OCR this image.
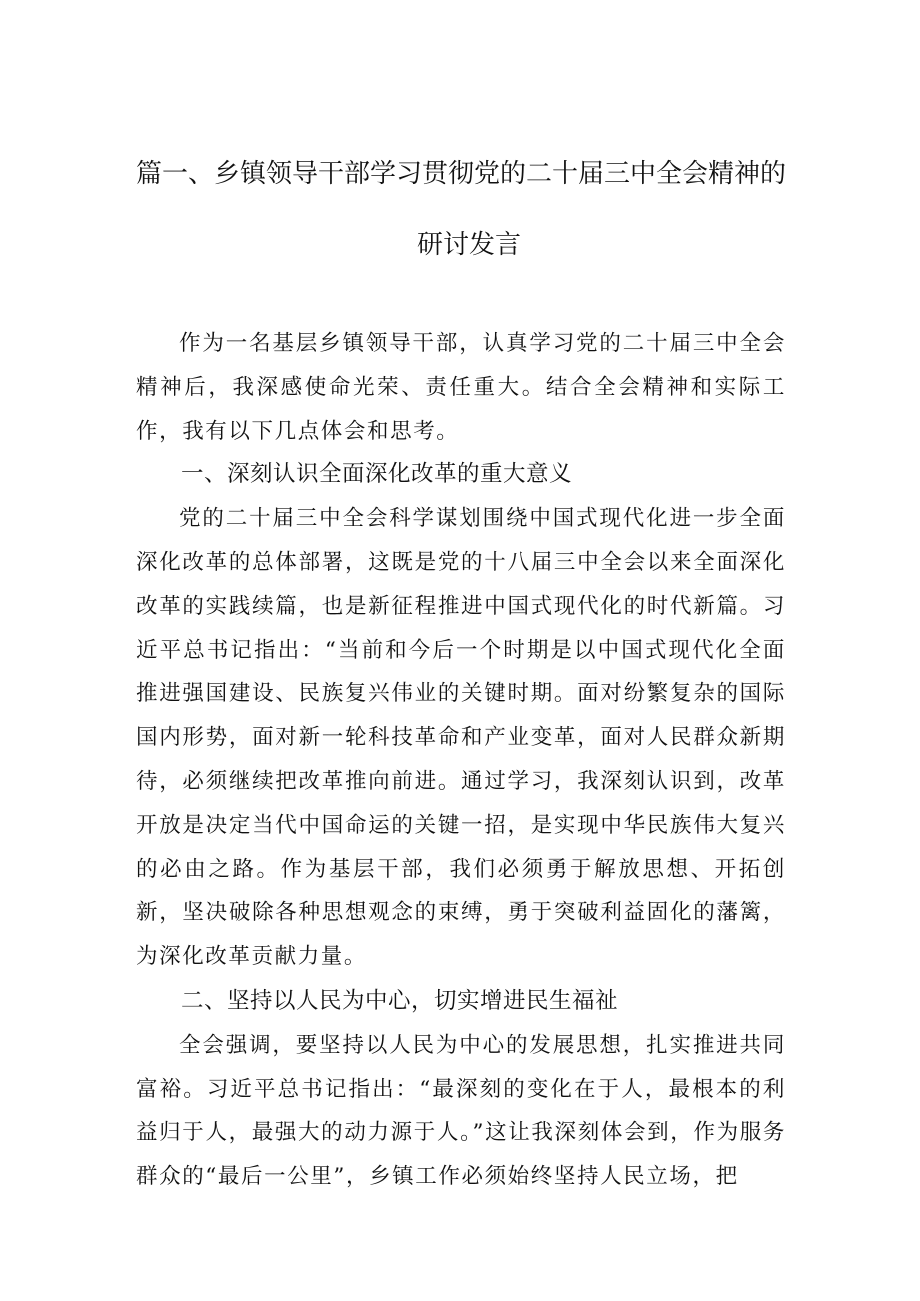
篇一、乡镇领导干部学习贯彻党的二十届三中全会精神的
研讨发言

作为一名基层乡镇领导干部，认真学习党的二十届三中全会精神后，我深感使命光荣、责任重大。结合全会精神和实际工作，我有以下几点体会和思考。

一、深刻认识全面深化改革的重大意义

党的二十届三中全会科学谋划围绕中国式现代化进一步全面深化改革的总体部署，这既是党的十八届三中全会以来全面深化改革的实践续篇，也是新征程推进中国式现代化的时代新篇。习近平总书记指出：“当前和今后一个时期是以中国式现代化全面推进强国建设、民族复兴伟业的关键时期。面对纷繁复杂的国际国内形势，面对新一轮科技革命和产业变革，面对人民群众新期待，必须继续把改革推向前进。通过学习，我深刻认识到，改革开放是决定当代中国命运的关键一招，是实现中华民族伟大复兴的必由之路。作为基层干部，我们必须勇于解放思想、开拓创新，坚决破除各种思想观念的束缚，勇于突破利益固化的藩篱，为深化改革贡献力量。

二、坚持以人民为中心，切实增进民生福祉

全会强调，要坚持以人民为中心的发展思想，扎实推进共同富裕。习近平总书记指出：“最深刻的变化在于人，最根本的利益归于人，最强大的动力源于人。”这让我深刻体会到，作为服务群众的“最后一公里”，乡镇工作必须始终坚持人民立场，把
